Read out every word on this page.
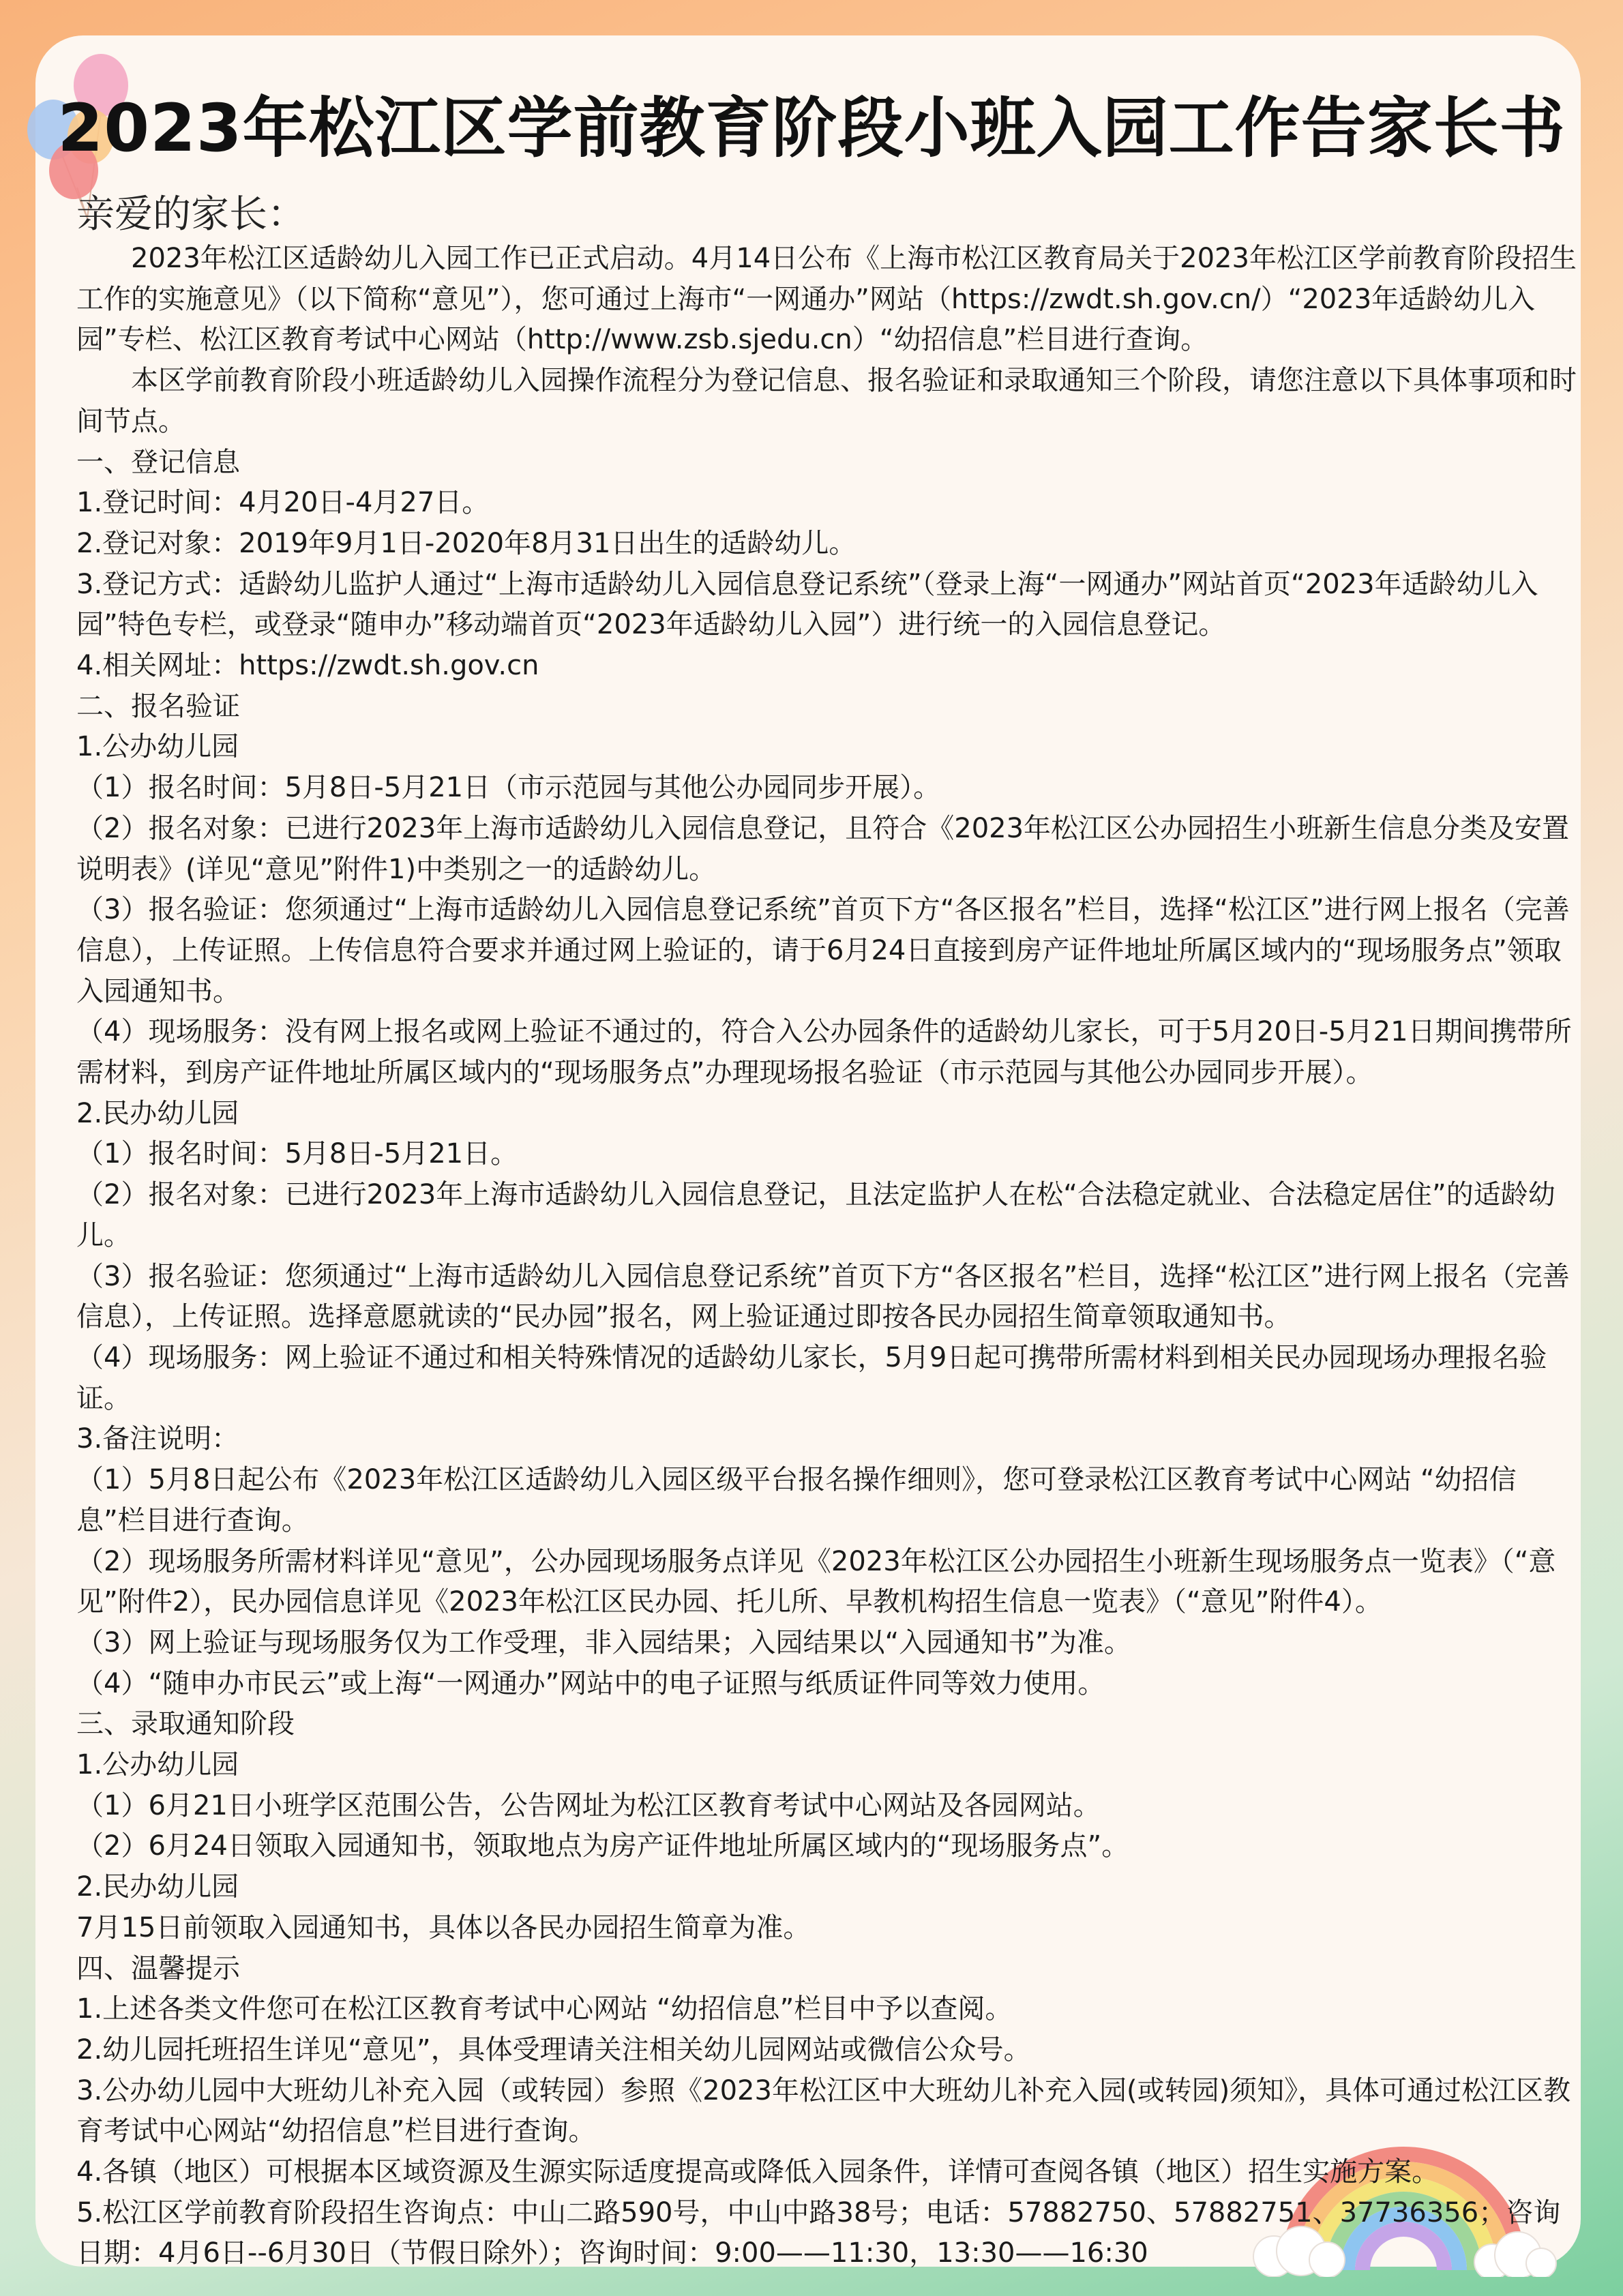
2023年松江区学前教育阶段小班入园工作告家长书
亲爱的家长：

2023年松江区适龄幼儿入园工作已正式启动。4月14日公布《上海市松江区教育局关于2023年松江区学前教育阶段招生工作的实施意见》（以下简称“意见”），您可通过上海市“一网通办”网站（https://zwdt.sh.gov.cn/）“2023年适龄幼儿入园”专栏、松江区教育考试中心网站（http://www.zsb.sjedu.cn）“幼招信息”栏目进行查询。

本区学前教育阶段小班适龄幼儿入园操作流程分为登记信息、报名验证和录取通知三个阶段，请您注意以下具体事项和时间节点。

一、登记信息

1.登记时间：4月20日-4月27日。

2.登记对象：2019年9月1日-2020年8月31日出生的适龄幼儿。

3.登记方式：适龄幼儿监护人通过“上海市适龄幼儿入园信息登记系统”（登录上海“一网通办”网站首页“2023年适龄幼儿入园”特色专栏，或登录“随申办”移动端首页“2023年适龄幼儿入园”）进行统一的入园信息登记。

4.相关网址：https://zwdt.sh.gov.cn

二、报名验证

1.公办幼儿园

（1）报名时间：5月8日-5月21日（市示范园与其他公办园同步开展）。

（2）报名对象：已进行2023年上海市适龄幼儿入园信息登记，且符合《2023年松江区公办园招生小班新生信息分类及安置说明表》(详见“意见”附件1)中类别之一的适龄幼儿。

（3）报名验证：您须通过“上海市适龄幼儿入园信息登记系统”首页下方“各区报名”栏目，选择“松江区”进行网上报名（完善信息），上传证照。上传信息符合要求并通过网上验证的，请于6月24日直接到房产证件地址所属区域内的“现场服务点”领取入园通知书。

（4）现场服务：没有网上报名或网上验证不通过的，符合入公办园条件的适龄幼儿家长，可于5月20日-5月21日期间携带所需材料，到房产证件地址所属区域内的“现场服务点”办理现场报名验证（市示范园与其他公办园同步开展）。

2.民办幼儿园

（1）报名时间：5月8日-5月21日。

（2）报名对象：已进行2023年上海市适龄幼儿入园信息登记，且法定监护人在松“合法稳定就业、合法稳定居住”的适龄幼儿。

（3）报名验证：您须通过“上海市适龄幼儿入园信息登记系统”首页下方“各区报名”栏目，选择“松江区”进行网上报名（完善信息），上传证照。选择意愿就读的“民办园”报名，网上验证通过即按各民办园招生简章领取通知书。

（4）现场服务：网上验证不通过和相关特殊情况的适龄幼儿家长，5月9日起可携带所需材料到相关民办园现场办理报名验证。

3.备注说明：

（1）5月8日起公布《2023年松江区适龄幼儿入园区级平台报名操作细则》，您可登录松江区教育考试中心网站 “幼招信息”栏目进行查询。

（2）现场服务所需材料详见“意见”，公办园现场服务点详见《2023年松江区公办园招生小班新生现场服务点一览表》（“意见”附件2），民办园信息详见《2023年松江区民办园、托儿所、早教机构招生信息一览表》（“意见”附件4）。

（3）网上验证与现场服务仅为工作受理，非入园结果；入园结果以“入园通知书”为准。

（4）“随申办市民云”或上海“一网通办”网站中的电子证照与纸质证件同等效力使用。

三、录取通知阶段

1.公办幼儿园

（1）6月21日小班学区范围公告，公告网址为松江区教育考试中心网站及各园网站。

（2）6月24日领取入园通知书，领取地点为房产证件地址所属区域内的“现场服务点”。

2.民办幼儿园

7月15日前领取入园通知书，具体以各民办园招生简章为准。

四、温馨提示

1.上述各类文件您可在松江区教育考试中心网站 “幼招信息”栏目中予以查阅。

2.幼儿园托班招生详见“意见”，具体受理请关注相关幼儿园网站或微信公众号。

3.公办幼儿园中大班幼儿补充入园（或转园）参照《2023年松江区中大班幼儿补充入园(或转园)须知》，具体可通过松江区教育考试中心网站“幼招信息”栏目进行查询。

4.各镇（地区）可根据本区域资源及生源实际适度提高或降低入园条件，详情可查阅各镇（地区）招生实施方案。

5.松江区学前教育阶段招生咨询点：中山二路590号，中山中路38号；电话：57882750、57882751、37736356；咨询日期：4月6日--6月30日（节假日除外）；咨询时间：9:00——11:30，13:30——16:30
